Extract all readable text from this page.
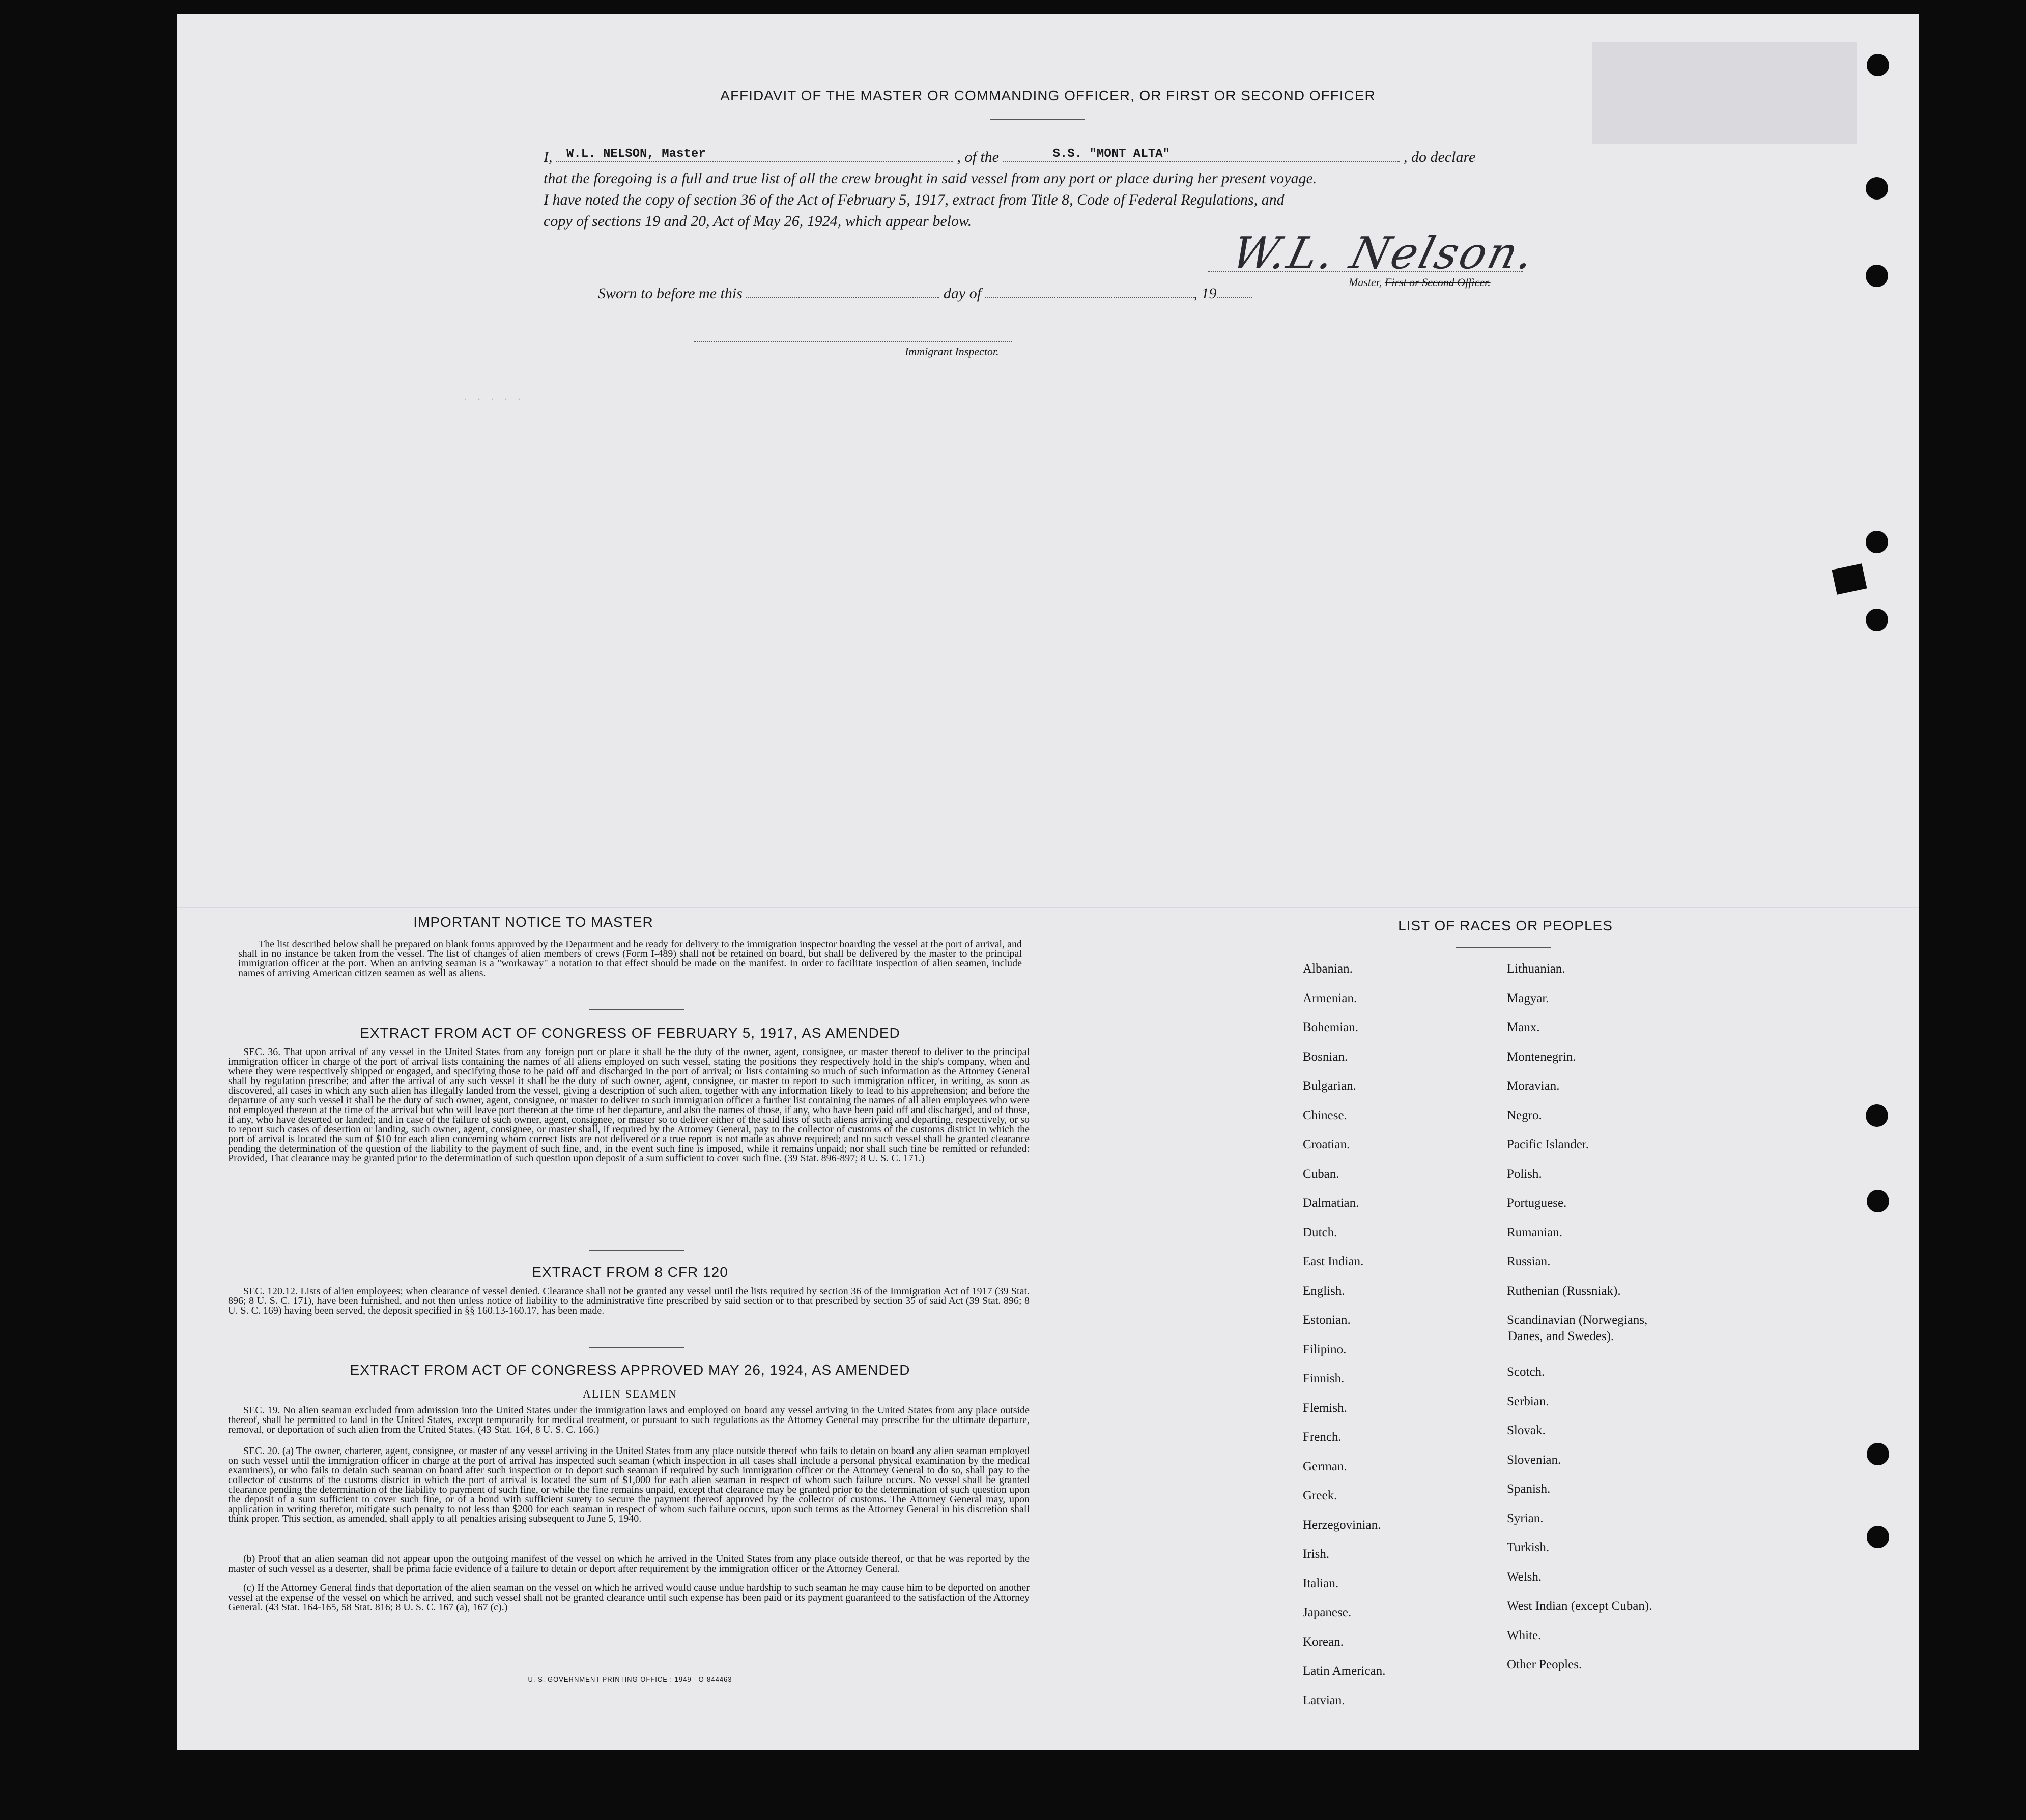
AFFIDAVIT OF THE MASTER OR COMMANDING OFFICER, OR FIRST OR SECOND OFFICER
I, W.L. NELSON, Master	, of the	S.S. "MONT ALTA"	, do declare
that the foregoing is a full and true list of all the crew brought in said vessel from any port or place during her present voyage.
I have noted the copy of section 36 of the Act of February 5, 1917, extract from Title 8, Code of Federal Regulations, and
copy of sections 19 and 20, Act of May 26, 1924, which appear below.
W.L. Nelson.
Master, First or Second Officer.
Sworn to before me this	day of	, 19
Immigrant Inspector.
. . . . .
IMPORTANT NOTICE TO MASTER
The list described below shall be prepared on blank forms approved by the Department and be ready for delivery to the immigration inspector boarding the vessel at the port of arrival, and shall in no instance be taken from the vessel. The list of changes of alien members of crews (Form I-489) shall not be retained on board, but shall be delivered by the master to the principal immigration officer at the port. When an arriving seaman is a "workaway" a notation to that effect should be made on the manifest. In order to facilitate inspection of alien seamen, include names of arriving American citizen seamen as well as aliens.
EXTRACT FROM ACT OF CONGRESS OF FEBRUARY 5, 1917, AS AMENDED
SEC. 36. That upon arrival of any vessel in the United States from any foreign port or place it shall be the duty of the owner, agent, consignee, or master thereof to deliver to the principal immigration officer in charge of the port of arrival lists containing the names of all aliens employed on such vessel, stating the positions they respectively hold in the ship's company, when and where they were respectively shipped or engaged, and specifying those to be paid off and discharged in the port of arrival; or lists containing so much of such information as the Attorney General shall by regulation prescribe; and after the arrival of any such vessel it shall be the duty of such owner, agent, consignee, or master to report to such immigration officer, in writing, as soon as discovered, all cases in which any such alien has illegally landed from the vessel, giving a description of such alien, together with any information likely to lead to his apprehension; and before the departure of any such vessel it shall be the duty of such owner, agent, consignee, or master to deliver to such immigration officer a further list containing the names of all alien employees who were not employed thereon at the time of the arrival but who will leave port thereon at the time of her departure, and also the names of those, if any, who have been paid off and discharged, and of those, if any, who have deserted or landed; and in case of the failure of such owner, agent, consignee, or master so to deliver either of the said lists of such aliens arriving and departing, respectively, or so to report such cases of desertion or landing, such owner, agent, consignee, or master shall, if required by the Attorney General, pay to the collector of customs of the customs district in which the port of arrival is located the sum of $10 for each alien concerning whom correct lists are not delivered or a true report is not made as above required; and no such vessel shall be granted clearance pending the determination of the question of the liability to the payment of such fine, and, in the event such fine is imposed, while it remains unpaid; nor shall such fine be remitted or refunded: Provided, That clearance may be granted prior to the determination of such question upon deposit of a sum sufficient to cover such fine. (39 Stat. 896-897; 8 U. S. C. 171.)
EXTRACT FROM 8 CFR 120
SEC. 120.12. Lists of alien employees; when clearance of vessel denied. Clearance shall not be granted any vessel until the lists required by section 36 of the Immigration Act of 1917 (39 Stat. 896; 8 U. S. C. 171), have been furnished, and not then unless notice of liability to the administrative fine prescribed by said section or to that prescribed by section 35 of said Act (39 Stat. 896; 8 U. S. C. 169) having been served, the deposit specified in §§ 160.13-160.17, has been made.
EXTRACT FROM ACT OF CONGRESS APPROVED MAY 26, 1924, AS AMENDED
ALIEN SEAMEN
SEC. 19. No alien seaman excluded from admission into the United States under the immigration laws and employed on board any vessel arriving in the United States from any place outside thereof, shall be permitted to land in the United States, except temporarily for medical treatment, or pursuant to such regulations as the Attorney General may prescribe for the ultimate departure, removal, or deportation of such alien from the United States. (43 Stat. 164, 8 U. S. C. 166.)
SEC. 20. (a) The owner, charterer, agent, consignee, or master of any vessel arriving in the United States from any place outside thereof who fails to detain on board any alien seaman employed on such vessel until the immigration officer in charge at the port of arrival has inspected such seaman (which inspection in all cases shall include a personal physical examination by the medical examiners), or who fails to detain such seaman on board after such inspection or to deport such seaman if required by such immigration officer or the Attorney General to do so, shall pay to the collector of customs of the customs district in which the port of arrival is located the sum of $1,000 for each alien seaman in respect of whom such failure occurs. No vessel shall be granted clearance pending the determination of the liability to payment of such fine, or while the fine remains unpaid, except that clearance may be granted prior to the determination of such question upon the deposit of a sum sufficient to cover such fine, or of a bond with sufficient surety to secure the payment thereof approved by the collector of customs. The Attorney General may, upon application in writing therefor, mitigate such penalty to not less than $200 for each seaman in respect of whom such failure occurs, upon such terms as the Attorney General in his discretion shall think proper. This section, as amended, shall apply to all penalties arising subsequent to June 5, 1940.
(b) Proof that an alien seaman did not appear upon the outgoing manifest of the vessel on which he arrived in the United States from any place outside thereof, or that he was reported by the master of such vessel as a deserter, shall be prima facie evidence of a failure to detain or deport after requirement by the immigration officer or the Attorney General.
(c) If the Attorney General finds that deportation of the alien seaman on the vessel on which he arrived would cause undue hardship to such seaman he may cause him to be deported on another vessel at the expense of the vessel on which he arrived, and such vessel shall not be granted clearance until such expense has been paid or its payment guaranteed to the satisfaction of the Attorney General. (43 Stat. 164-165, 58 Stat. 816; 8 U. S. C. 167 (a), 167 (c).)
U. S. GOVERNMENT PRINTING OFFICE : 1949—O-844463
LIST OF RACES OR PEOPLES
Albanian.
Armenian.
Bohemian.
Bosnian.
Bulgarian.
Chinese.
Croatian.
Cuban.
Dalmatian.
Dutch.
East Indian.
English.
Estonian.
Filipino.
Finnish.
Flemish.
French.
German.
Greek.
Herzegovinian.
Irish.
Italian.
Japanese.
Korean.
Latin American.
Latvian.
Lithuanian.
Magyar.
Manx.
Montenegrin.
Moravian.
Negro.
Pacific Islander.
Polish.
Portuguese.
Rumanian.
Russian.
Ruthenian (Russniak).
Scandinavian (Norwegians,
Danes, and Swedes).
Scotch.
Serbian.
Slovak.
Slovenian.
Spanish.
Syrian.
Turkish.
Welsh.
West Indian (except Cuban).
White.
Other Peoples.
